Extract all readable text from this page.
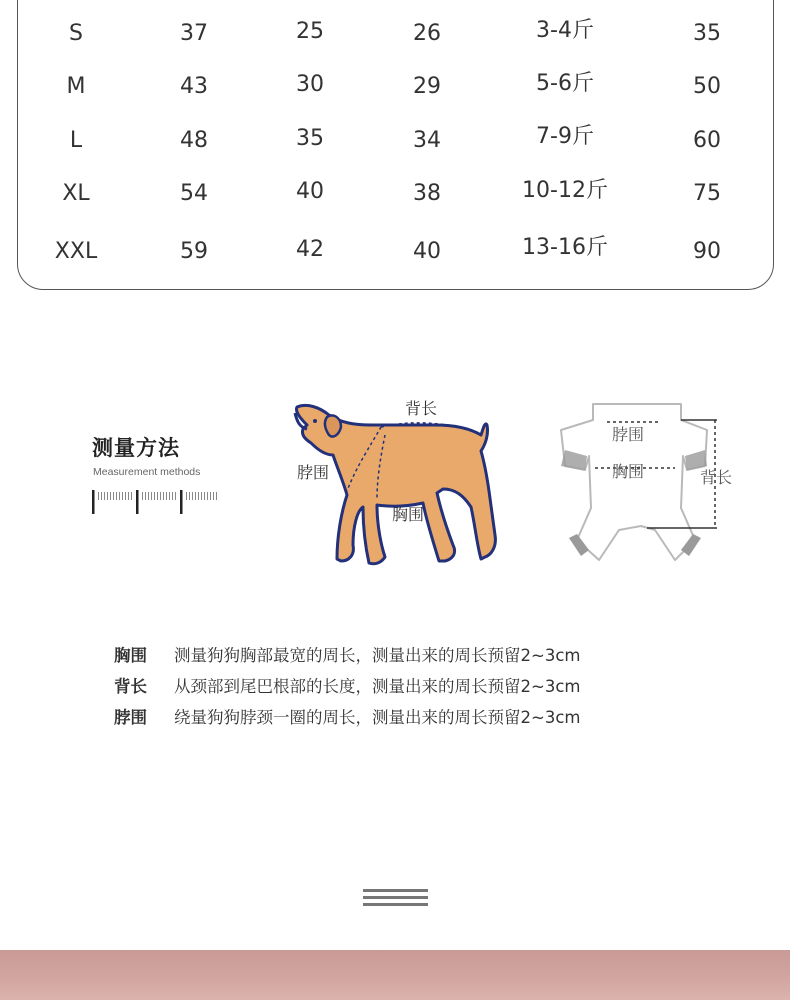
S	37	25	26	3-4斤	35
M	43	30	29	5-6斤	50
L	48	35	34	7-9斤	60
XL	54	40	38	10-12斤	75
XXL	59	42	40	13-16斤	90
测量方法
Measurement methods
背长
脖围
胸围
脖围
胸围	背长
胸围 测量狗狗胸部最宽的周长，测量出来的周长预留2~3cm
背长 从颈部到尾巴根部的长度，测量出来的周长预留2~3cm
脖围 绕量狗狗脖颈一圈的周长，测量出来的周长预留2~3cm
